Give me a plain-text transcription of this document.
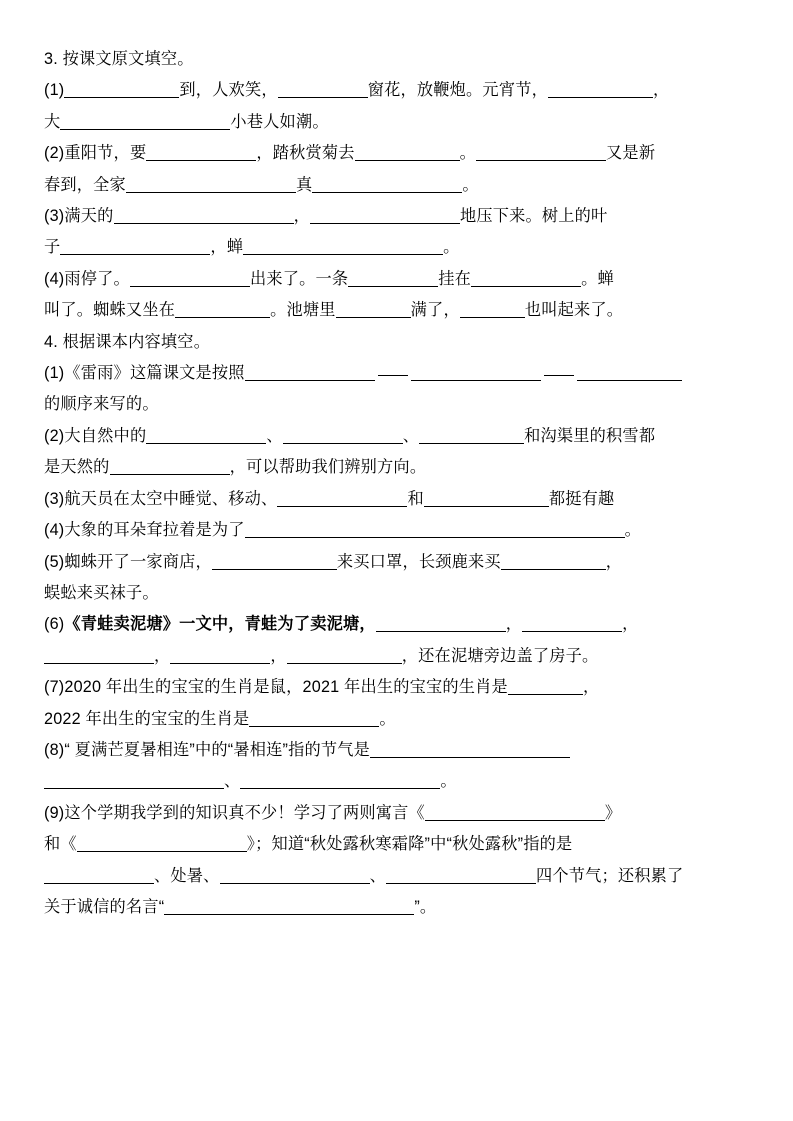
3. 按课文原文填空。

(1)	到，人欢笑，	窗花，放鞭炮。元宵节，	，
大	小巷人如潮。

(2)重阳节，要	，踏秋赏菊去	。	又是新
春到，全家	真	。

(3)满天的	，	地压下来。树上的叶
子	，蝉	。

(4)雨停了。	出来了。一条	挂在	。蝉
叫了。蜘蛛又坐在	。池塘里	满了，	也叫起来了。

4. 根据课本内容填空。

(1)《雷雨》这篇课文是按照
的顺序来写的。

(2)大自然中的	、	、	和沟渠里的积雪都
是天然的	，可以帮助我们辨别方向。

(3)航天员在太空中睡觉、移动、	和	都挺有趣

(4)大象的耳朵耷拉着是为了	。

(5)蜘蛛开了一家商店，	来买口罩，长颈鹿来买	，
蜈蚣来买袜子。

(6)《青蛙卖泥塘》一文中，青蛙为了卖泥塘，	，	，
，	，	，还在泥塘旁边盖了房子。

(7)2020 年出生的宝宝的生肖是鼠，2021 年出生的宝宝的生肖是	，
2022 年出生的宝宝的生肖是	。

(8)“ 夏满芒夏暑相连”中的“暑相连”指的节气是
、	。

(9)这个学期我学到的知识真不少！学习了两则寓言《	》
和《	》；知道“秋处露秋寒霜降”中“秋处露秋”指的是
、处暑、	、	四个节气；还积累了
关于诚信的名言“	”。
